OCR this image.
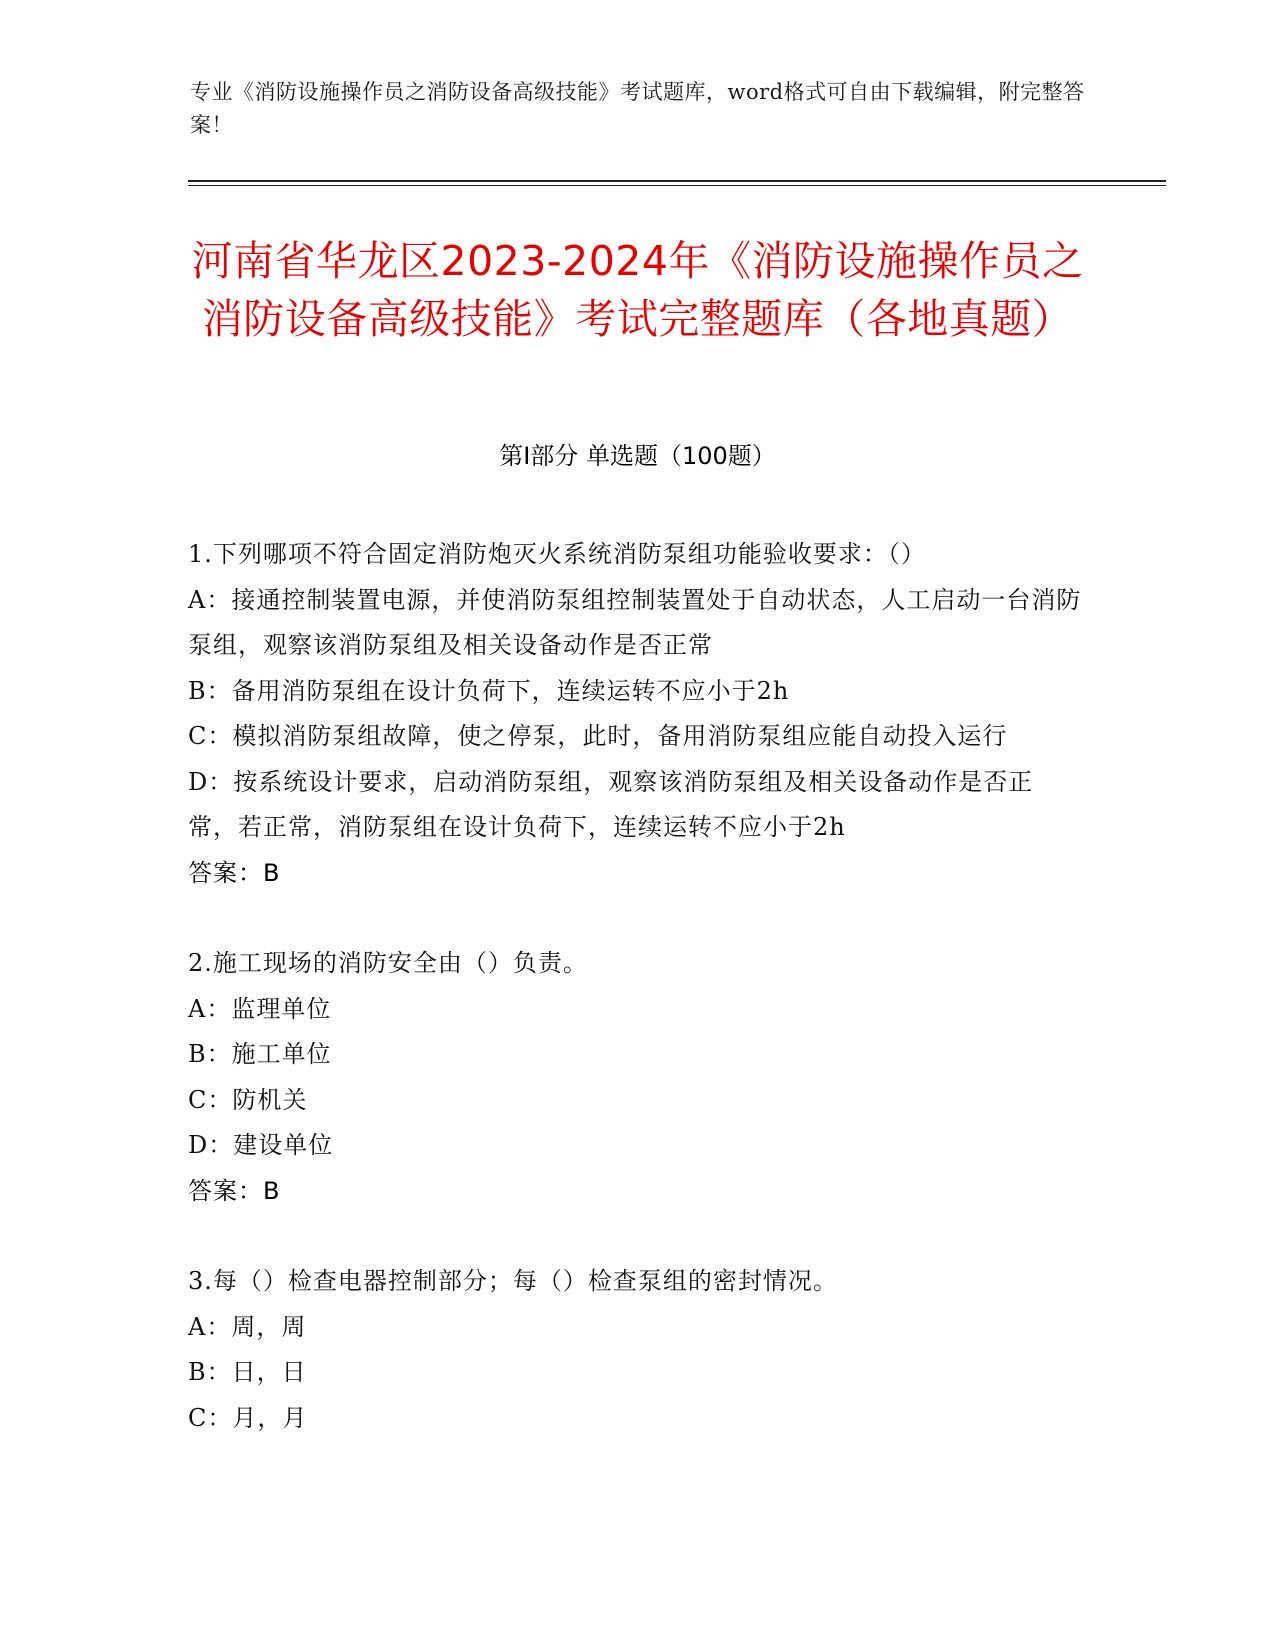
专业《消防设施操作员之消防设备高级技能》考试题库，word格式可自由下载编辑，附完整答案！
河南省华龙区2023-2024年《消防设施操作员之消防设备高级技能》考试完整题库（各地真题）
第I部分 单选题（100题）

1.下列哪项不符合固定消防炮灭火系统消防泵组功能验收要求：（）

A：接通控制装置电源，并使消防泵组控制装置处于自动状态，人工启动一台消防泵组，观察该消防泵组及相关设备动作是否正常

B：备用消防泵组在设计负荷下，连续运转不应小于2h

C：模拟消防泵组故障，使之停泵，此时，备用消防泵组应能自动投入运行

D：按系统设计要求，启动消防泵组，观察该消防泵组及相关设备动作是否正常，若正常，消防泵组在设计负荷下，连续运转不应小于2h

答案：B

2.施工现场的消防安全由（）负责。

A：监理单位

B：施工单位

C：防机关

D：建设单位

答案：B

3.每（）检查电器控制部分；每（）检查泵组的密封情况。

A：周，周

B：日，日

C：月，月
